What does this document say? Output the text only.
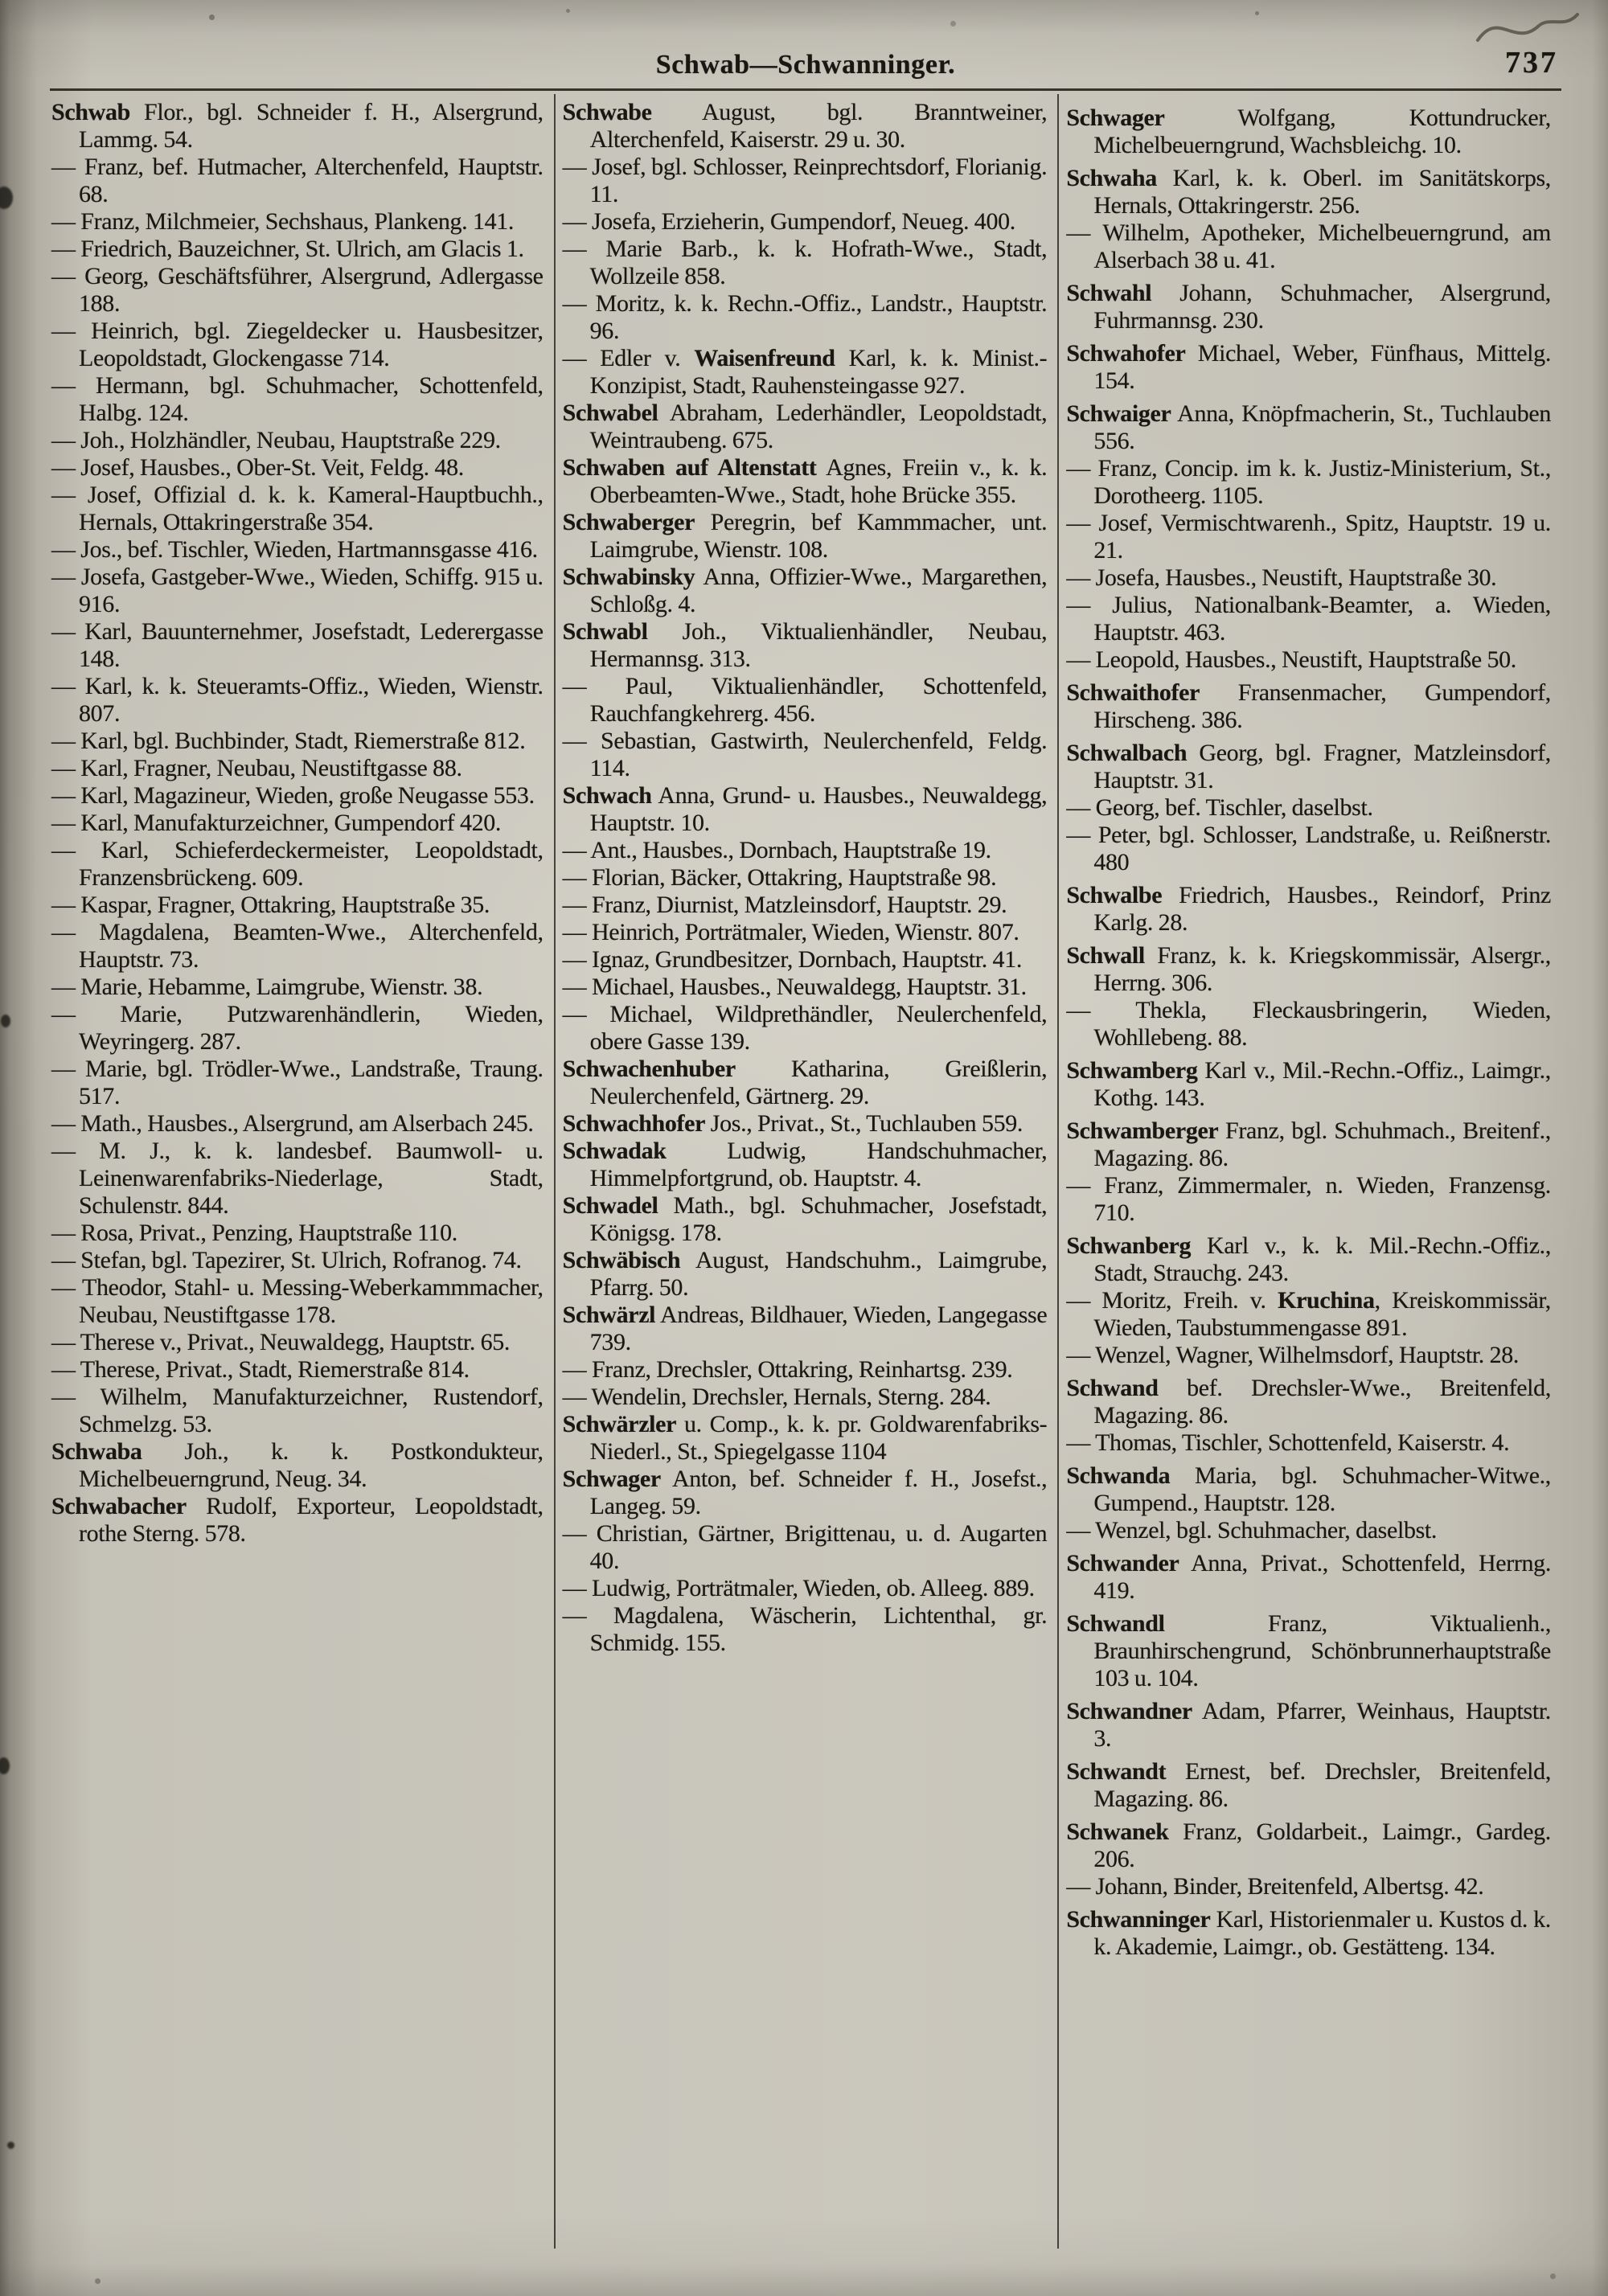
Schwab—Schwanninger.	737

Schwab Flor., bgl. Schneider f. H., Alsergrund, Lammg. 54.

— Franz, bef. Hutmacher, Alterchenfeld, Hauptstr. 68.

— Franz, Milchmeier, Sechshaus, Plankeng. 141.

— Friedrich, Bauzeichner, St. Ulrich, am Glacis 1.

— Georg, Geschäftsführer, Alsergrund, Adlergasse 188.

— Heinrich, bgl. Ziegeldecker u. Hausbesitzer, Leopoldstadt, Glockengasse 714.

— Hermann, bgl. Schuhmacher, Schottenfeld, Halbg. 124.

— Joh., Holzhändler, Neubau, Hauptstraße 229.

— Josef, Hausbes., Ober-St. Veit, Feldg. 48.

— Josef, Offizial d. k. k. Kameral-Hauptbuchh., Hernals, Ottakringerstraße 354.

— Jos., bef. Tischler, Wieden, Hartmannsgasse 416.

— Josefa, Gastgeber-Wwe., Wieden, Schiffg. 915 u. 916.

— Karl, Bauunternehmer, Josefstadt, Lederergasse 148.

— Karl, k. k. Steueramts-Offiz., Wieden, Wienstr. 807.

— Karl, bgl. Buchbinder, Stadt, Riemerstraße 812.

— Karl, Fragner, Neubau, Neustiftgasse 88.

— Karl, Magazineur, Wieden, große Neugasse 553.

— Karl, Manufakturzeichner, Gumpendorf 420.

— Karl, Schieferdeckermeister, Leopoldstadt, Franzensbrückeng. 609.

— Kaspar, Fragner, Ottakring, Hauptstraße 35.

— Magdalena, Beamten-Wwe., Alterchenfeld, Hauptstr. 73.

— Marie, Hebamme, Laimgrube, Wienstr. 38.

— Marie, Putzwarenhändlerin, Wieden, Weyringerg. 287.

— Marie, bgl. Trödler-Wwe., Landstraße, Traung. 517.

— Math., Hausbes., Alsergrund, am Alserbach 245.

— M. J., k. k. landesbef. Baumwoll- u. Leinenwarenfabriks-Niederlage, Stadt, Schulenstr. 844.

— Rosa, Privat., Penzing, Hauptstraße 110.

— Stefan, bgl. Tapezirer, St. Ulrich, Rofranog. 74.

— Theodor, Stahl- u. Messing-Weberkammmacher, Neubau, Neustiftgasse 178.

— Therese v., Privat., Neuwaldegg, Hauptstr. 65.

— Therese, Privat., Stadt, Riemerstraße 814.

— Wilhelm, Manufakturzeichner, Rustendorf, Schmelzg. 53.

Schwaba Joh., k. k. Postkondukteur, Michelbeuerngrund, Neug. 34.

Schwabacher Rudolf, Exporteur, Leopoldstadt, rothe Sterng. 578.

Schwabe August, bgl. Branntweiner, Alterchenfeld, Kaiserstr. 29 u. 30.

— Josef, bgl. Schlosser, Reinprechtsdorf, Florianig. 11.

— Josefa, Erzieherin, Gumpendorf, Neueg. 400.

— Marie Barb., k. k. Hofrath-Wwe., Stadt, Wollzeile 858.

— Moritz, k. k. Rechn.-Offiz., Landstr., Hauptstr. 96.

— Edler v. Waisenfreund Karl, k. k. Minist.-Konzipist, Stadt, Rauhensteingasse 927.

Schwabel Abraham, Lederhändler, Leopoldstadt, Weintraubeng. 675.

Schwaben auf Altenstatt Agnes, Freiin v., k. k. Oberbeamten-Wwe., Stadt, hohe Brücke 355.

Schwaberger Peregrin, bef Kammmacher, unt. Laimgrube, Wienstr. 108.

Schwabinsky Anna, Offizier-Wwe., Margarethen, Schloßg. 4.

Schwabl Joh., Viktualienhändler, Neubau, Hermannsg. 313.

— Paul, Viktualienhändler, Schottenfeld, Rauchfangkehrerg. 456.

— Sebastian, Gastwirth, Neulerchenfeld, Feldg. 114.

Schwach Anna, Grund- u. Hausbes., Neuwaldegg, Hauptstr. 10.

— Ant., Hausbes., Dornbach, Hauptstraße 19.

— Florian, Bäcker, Ottakring, Hauptstraße 98.

— Franz, Diurnist, Matzleinsdorf, Hauptstr. 29.

— Heinrich, Porträtmaler, Wieden, Wienstr. 807.

— Ignaz, Grundbesitzer, Dornbach, Hauptstr. 41.

— Michael, Hausbes., Neuwaldegg, Hauptstr. 31.

— Michael, Wildprethändler, Neulerchenfeld, obere Gasse 139.

Schwachenhuber Katharina, Greißlerin, Neulerchenfeld, Gärtnerg. 29.

Schwachhofer Jos., Privat., St., Tuchlauben 559.

Schwadak Ludwig, Handschuhmacher, Himmelpfortgrund, ob. Hauptstr. 4.

Schwadel Math., bgl. Schuhmacher, Josefstadt, Königsg. 178.

Schwäbisch August, Handschuhm., Laimgrube, Pfarrg. 50.

Schwärzl Andreas, Bildhauer, Wieden, Langegasse 739.

— Franz, Drechsler, Ottakring, Reinhartsg. 239.

— Wendelin, Drechsler, Hernals, Sterng. 284.

Schwärzler u. Comp., k. k. pr. Goldwarenfabriks-Niederl., St., Spiegelgasse 1104

Schwager Anton, bef. Schneider f. H., Josefst., Langeg. 59.

— Christian, Gärtner, Brigittenau, u. d. Augarten 40.

— Ludwig, Porträtmaler, Wieden, ob. Alleeg. 889.

— Magdalena, Wäscherin, Lichtenthal, gr. Schmidg. 155.

Schwager Wolfgang, Kottundrucker, Michelbeuerngrund, Wachsbleichg. 10.

Schwaha Karl, k. k. Oberl. im Sanitätskorps, Hernals, Ottakringerstr. 256.

— Wilhelm, Apotheker, Michelbeuerngrund, am Alserbach 38 u. 41.

Schwahl Johann, Schuhmacher, Alsergrund, Fuhrmannsg. 230.

Schwahofer Michael, Weber, Fünfhaus, Mittelg. 154.

Schwaiger Anna, Knöpfmacherin, St., Tuchlauben 556.

— Franz, Concip. im k. k. Justiz-Ministerium, St., Dorotheerg. 1105.

— Josef, Vermischtwarenh., Spitz, Hauptstr. 19 u. 21.

— Josefa, Hausbes., Neustift, Hauptstraße 30.

— Julius, Nationalbank-Beamter, a. Wieden, Hauptstr. 463.

— Leopold, Hausbes., Neustift, Hauptstraße 50.

Schwaithofer Fransenmacher, Gumpendorf, Hirscheng. 386.

Schwalbach Georg, bgl. Fragner, Matzleinsdorf, Hauptstr. 31.

— Georg, bef. Tischler, daselbst.

— Peter, bgl. Schlosser, Landstraße, u. Reißnerstr. 480

Schwalbe Friedrich, Hausbes., Reindorf, Prinz Karlg. 28.

Schwall Franz, k. k. Kriegskommissär, Alsergr., Herrng. 306.

— Thekla, Fleckausbringerin, Wieden, Wohllebeng. 88.

Schwamberg Karl v., Mil.-Rechn.-Offiz., Laimgr., Kothg. 143.

Schwamberger Franz, bgl. Schuhmach., Breitenf., Magazing. 86.

— Franz, Zimmermaler, n. Wieden, Franzensg. 710.

Schwanberg Karl v., k. k. Mil.-Rechn.-Offiz., Stadt, Strauchg. 243.

— Moritz, Freih. v. Kruchina, Kreiskommissär, Wieden, Taubstummengasse 891.

— Wenzel, Wagner, Wilhelmsdorf, Hauptstr. 28.

Schwand bef. Drechsler-Wwe., Breitenfeld, Magazing. 86.

— Thomas, Tischler, Schottenfeld, Kaiserstr. 4.

Schwanda Maria, bgl. Schuhmacher-Witwe., Gumpend., Hauptstr. 128.

— Wenzel, bgl. Schuhmacher, daselbst.

Schwander Anna, Privat., Schottenfeld, Herrng. 419.

Schwandl Franz, Viktualienh., Braunhirschengrund, Schönbrunnerhauptstraße 103 u. 104.

Schwandner Adam, Pfarrer, Weinhaus, Hauptstr. 3.

Schwandt Ernest, bef. Drechsler, Breitenfeld, Magazing. 86.

Schwanek Franz, Goldarbeit., Laimgr., Gardeg. 206.

— Johann, Binder, Breitenfeld, Albertsg. 42.

Schwanninger Karl, Historienmaler u. Kustos d. k. k. Akademie, Laimgr., ob. Gestätteng. 134.
